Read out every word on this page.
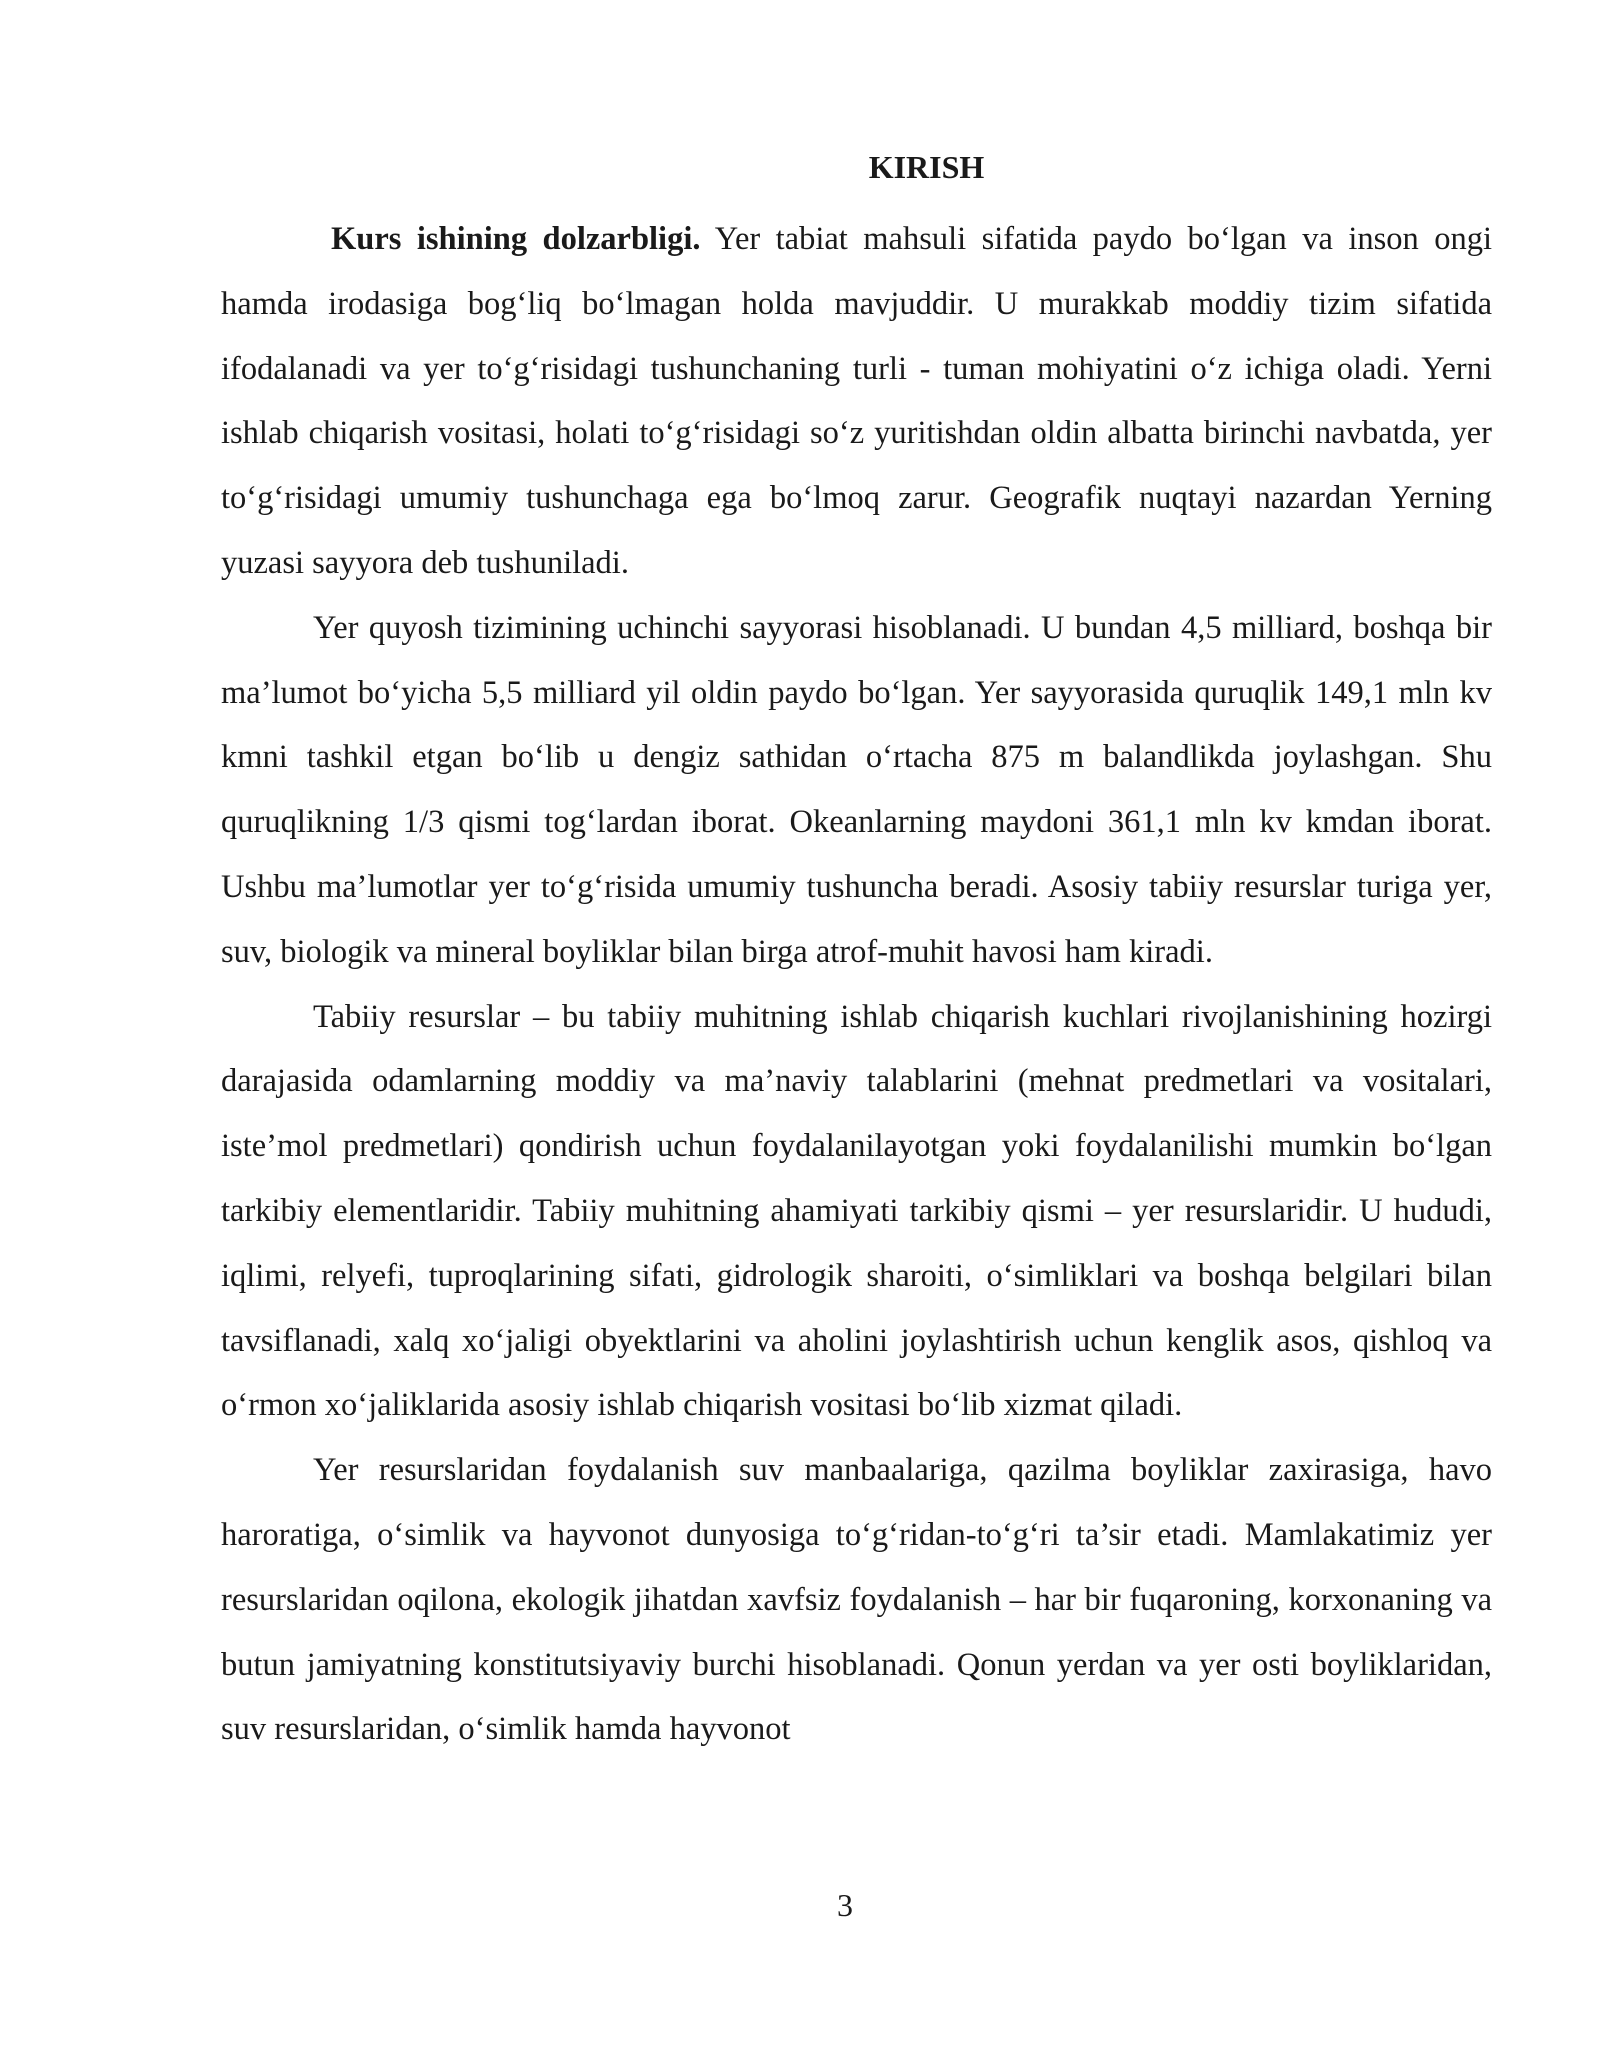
KIRISH

Kurs ishining dolzarbligi. Yer tabiat mahsuli sifatida paydo bo‘lgan va inson ongi hamda irodasiga bog‘liq bo‘lmagan holda mavjuddir. U murakkab moddiy tizim sifatida ifodalanadi va yer to‘g‘risidagi tushunchaning turli - tuman mohiyatini o‘z ichiga oladi. Yerni ishlab chiqarish vositasi, holati to‘g‘risidagi so‘z yuritishdan oldin albatta birinchi navbatda, yer to‘g‘risidagi umumiy tushunchaga ega bo‘lmoq zarur. Geografik nuqtayi nazardan Yerning yuzasi sayyora deb tushuniladi.

Yer quyosh tizimining uchinchi sayyorasi hisoblanadi. U bundan 4,5 milliard, boshqa bir ma’lumot bo‘yicha 5,5 milliard yil oldin paydo bo‘lgan. Yer sayyorasida quruqlik 149,1 mln kv kmni tashkil etgan bo‘lib u dengiz sathidan o‘rtacha 875 m balandlikda joylashgan. Shu quruqlikning 1/3 qismi tog‘lardan iborat. Okeanlarning maydoni 361,1 mln kv kmdan iborat. Ushbu ma’lumotlar yer to‘g‘risida umumiy tushuncha beradi. Asosiy tabiiy resurslar turiga yer, suv, biologik va mineral boyliklar bilan birga atrof-muhit havosi ham kiradi.

Tabiiy resurslar – bu tabiiy muhitning ishlab chiqarish kuchlari rivojlanishining hozirgi darajasida odamlarning moddiy va ma’naviy talablarini (mehnat predmetlari va vositalari, iste’mol predmetlari) qondirish uchun foydalanilayotgan yoki foydalanilishi mumkin bo‘lgan tarkibiy elementlaridir. Tabiiy muhitning ahamiyati tarkibiy qismi – yer resurslaridir. U hududi, iqlimi, relyefi, tuproqlarining sifati, gidrologik sharoiti, o‘simliklari va boshqa belgilari bilan tavsiflanadi, xalq xo‘jaligi obyektlarini va aholini joylashtirish uchun kenglik asos, qishloq va o‘rmon xo‘jaliklarida asosiy ishlab chiqarish vositasi bo‘lib xizmat qiladi.

Yer resurslaridan foydalanish suv manbaalariga, qazilma boyliklar zaxirasiga, havo haroratiga, o‘simlik va hayvonot dunyosiga to‘g‘ridan-to‘g‘ri ta’sir etadi. Mamlakatimiz yer resurslaridan oqilona, ekologik jihatdan xavfsiz foydalanish – har bir fuqaroning, korxonaning va butun jamiyatning konstitutsiyaviy burchi hisoblanadi. Qonun yerdan va yer osti boyliklaridan, suv resurslaridan, o‘simlik hamda hayvonot

3
